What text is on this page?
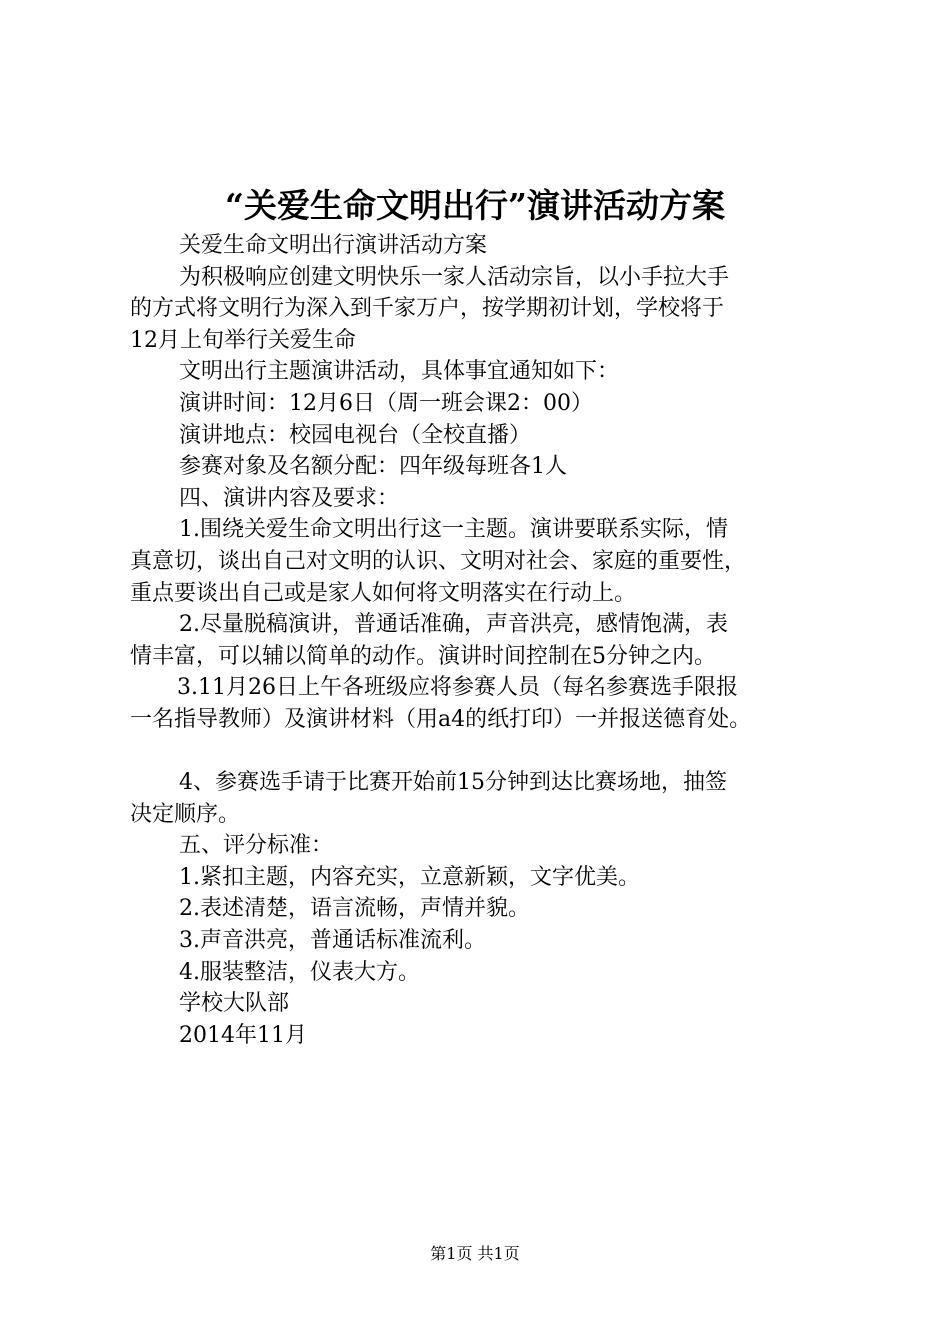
“关爱生命文明出行”演讲活动方案
关爱生命文明出行演讲活动方案
为积极响应创建文明快乐一家人活动宗旨，以小手拉大手
的方式将文明行为深入到千家万户，按学期初计划，学校将于
12月上旬举行关爱生命
文明出行主题演讲活动，具体事宜通知如下：
演讲时间：12月6日（周一班会课2：00）
演讲地点：校园电视台（全校直播）
参赛对象及名额分配：四年级每班各1人
四、演讲内容及要求：
1.围绕关爱生命文明出行这一主题。演讲要联系实际，情
真意切，谈出自己对文明的认识、文明对社会、家庭的重要性，
重点要谈出自己或是家人如何将文明落实在行动上。
2.尽量脱稿演讲，普通话准确，声音洪亮，感情饱满，表
情丰富，可以辅以简单的动作。演讲时间控制在5分钟之内。
3.11月26日上午各班级应将参赛人员（每名参赛选手限报
一名指导教师）及演讲材料（用a4的纸打印）一并报送德育处。
4、参赛选手请于比赛开始前15分钟到达比赛场地，抽签
决定顺序。
五、评分标准：
1.紧扣主题，内容充实，立意新颖，文字优美。
2.表述清楚，语言流畅，声情并貌。
3.声音洪亮，普通话标准流利。
4.服装整洁，仪表大方。
学校大队部
2014年11月
第1页 共1页
